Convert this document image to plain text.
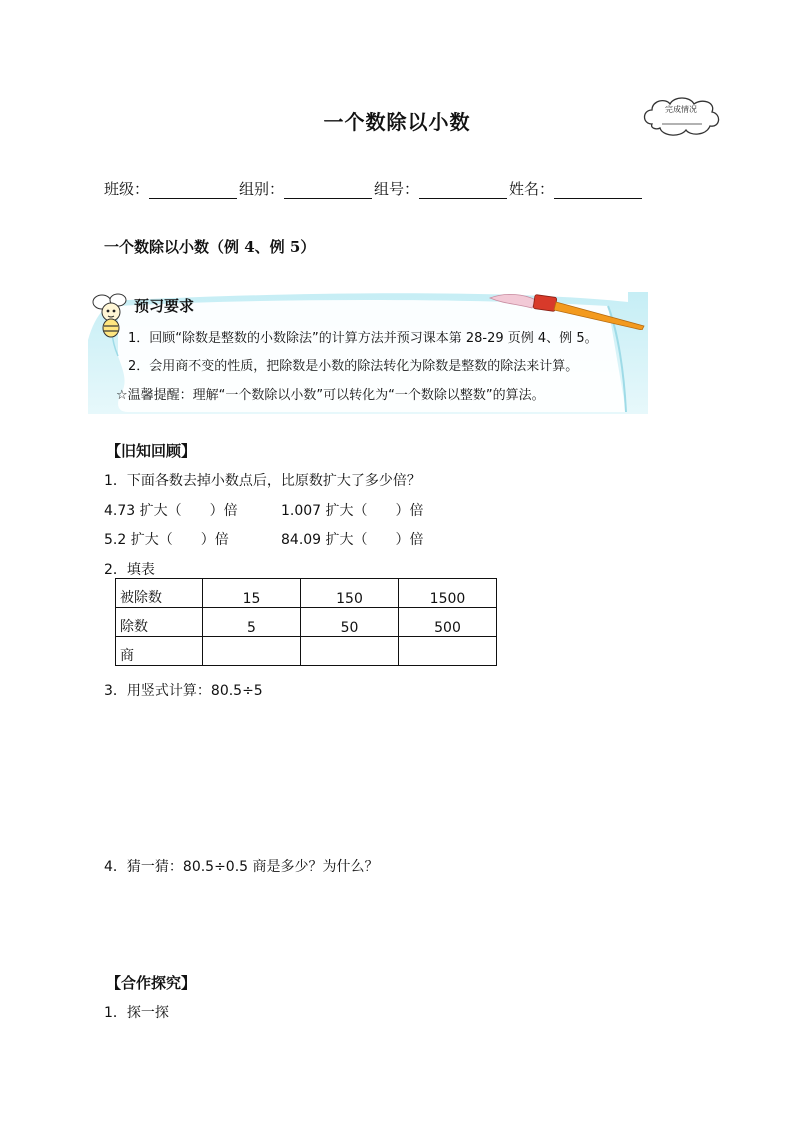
一个数除以小数
完成情况
班级：	组别：	组号：	姓名：
一个数除以小数（例 4、例 5）
预习要求
1．回顾“除数是整数的小数除法”的计算方法并预习课本第 28-29 页例 4、例 5。
2．会用商不变的性质，把除数是小数的除法转化为除数是整数的除法来计算。
☆温馨提醒：理解“一个数除以小数”可以转化为“一个数除以整数”的算法。
【旧知回顾】
1．下面各数去掉小数点后，比原数扩大了多少倍？
4.73 扩大（　　）倍	1.007 扩大（　　）倍
5.2 扩大（　　）倍	84.09 扩大（　　）倍
2．填表
被除数	15	150	1500
除数	5	50	500
商			
3．用竖式计算：80.5÷5
4．猜一猜：80.5÷0.5 商是多少？为什么？
【合作探究】
1．探一探
